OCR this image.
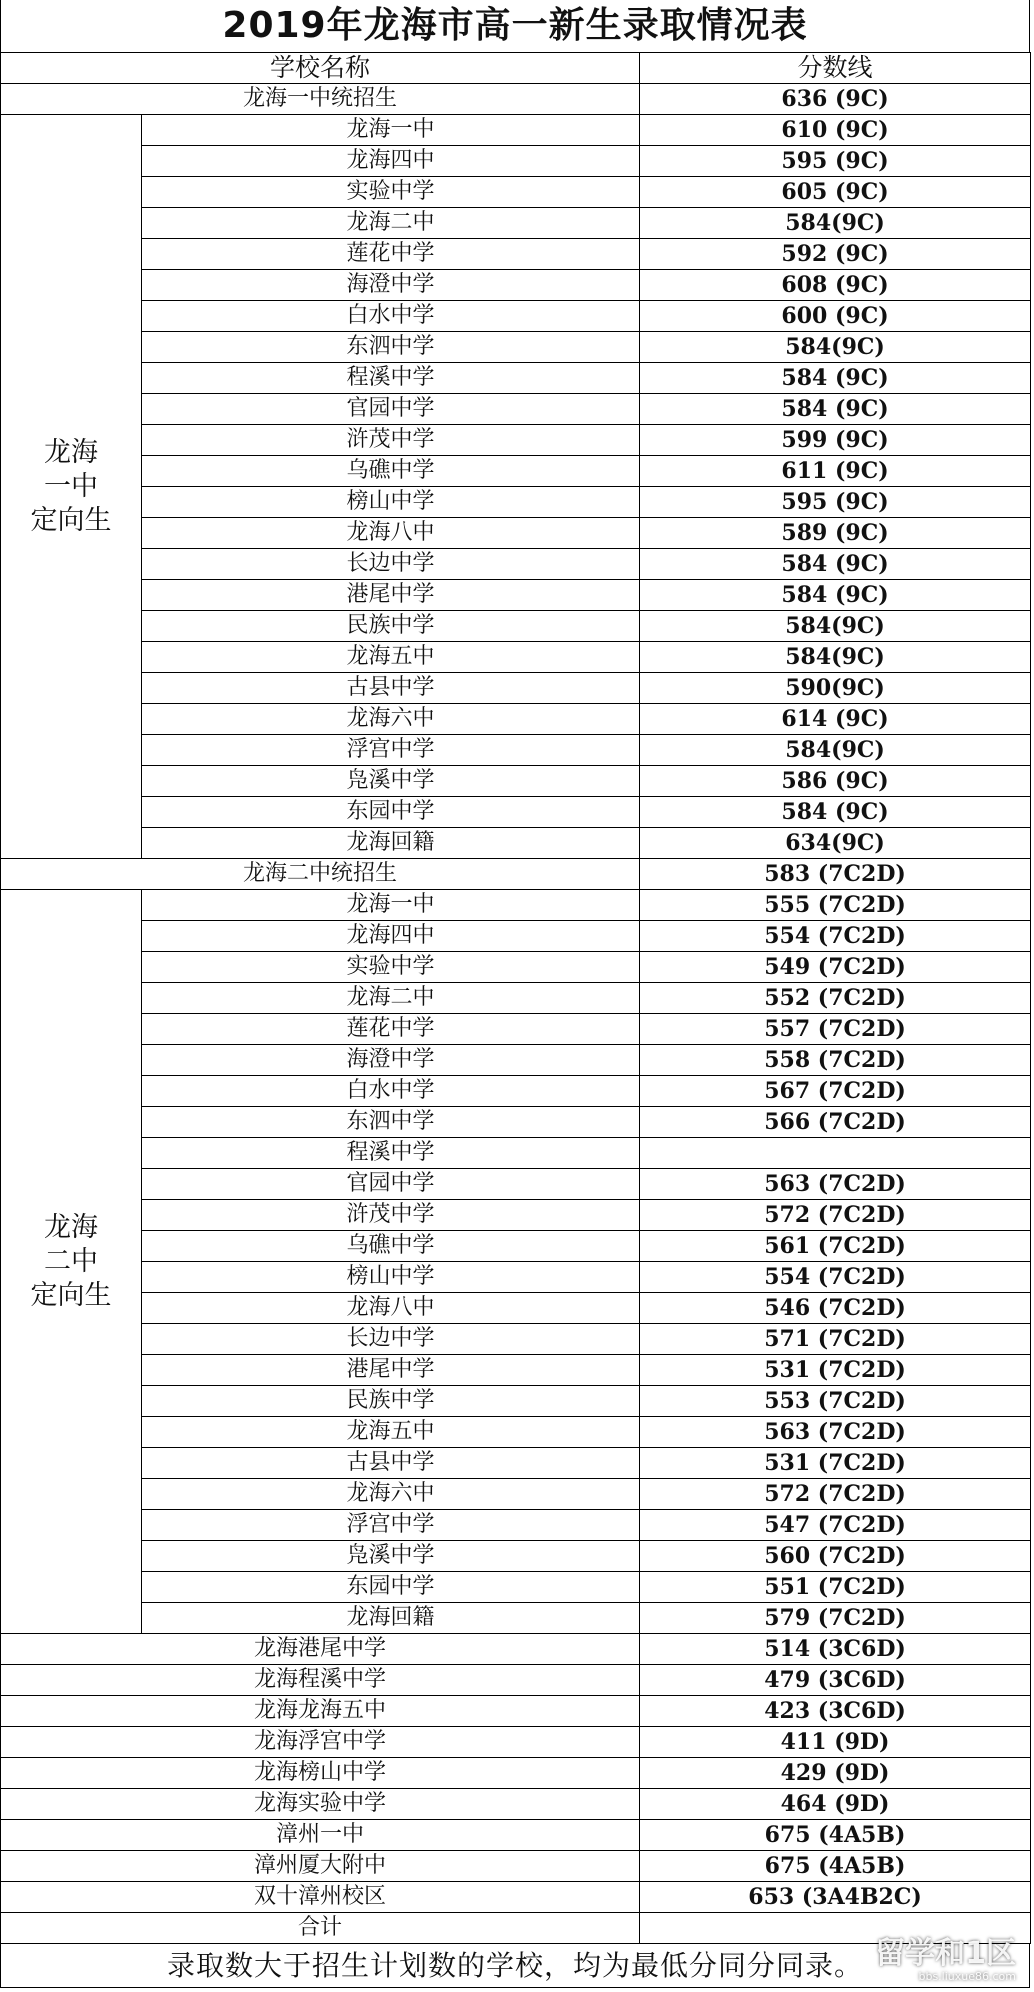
2019年龙海市高一新生录取情况表
学校名称		分数线
龙海一中统招生		636 (9C)

龙海
一中
定向生	龙海一中	610 (9C)
	龙海四中	595 (9C)
	实验中学	605 (9C)
	龙海二中	584(9C)
	莲花中学	592 (9C)
	海澄中学	608 (9C)
	白水中学	600 (9C)
	东泗中学	584(9C)
	程溪中学	584 (9C)
	官园中学	584 (9C)
	浒茂中学	599 (9C)
	乌礁中学	611 (9C)
	榜山中学	595 (9C)
	龙海八中	589 (9C)
	长边中学	584 (9C)
	港尾中学	584 (9C)
	民族中学	584(9C)
	龙海五中	584(9C)
	古县中学	590(9C)
	龙海六中	614 (9C)
	浮宫中学	584(9C)
	凫溪中学	586 (9C)
	东园中学	584 (9C)
	龙海回籍	634(9C)
龙海二中统招生		583 (7C2D)

龙海
二中
定向生	龙海一中	555 (7C2D)
	龙海四中	554 (7C2D)
	实验中学	549 (7C2D)
	龙海二中	552 (7C2D)
	莲花中学	557 (7C2D)
	海澄中学	558 (7C2D)
	白水中学	567 (7C2D)
	东泗中学	566 (7C2D)
	程溪中学	
	官园中学	563 (7C2D)
	浒茂中学	572 (7C2D)
	乌礁中学	561 (7C2D)
	榜山中学	554 (7C2D)
	龙海八中	546 (7C2D)
	长边中学	571 (7C2D)
	港尾中学	531 (7C2D)
	民族中学	553 (7C2D)
	龙海五中	563 (7C2D)
	古县中学	531 (7C2D)
	龙海六中	572 (7C2D)
	浮宫中学	547 (7C2D)
	凫溪中学	560 (7C2D)
	东园中学	551 (7C2D)
	龙海回籍	579 (7C2D)
龙海港尾中学		514 (3C6D)
龙海程溪中学		479 (3C6D)
龙海龙海五中		423 (3C6D)
龙海浮宫中学		411 (9D)
龙海榜山中学		429 (9D)
龙海实验中学		464 (9D)
漳州一中		675 (4A5B)
漳州厦大附中		675 (4A5B)
双十漳州校区		653 (3A4B2C)
合计		
录取数大于招生计划数的学校，均为最低分同分同录。 留学和1区
bbs.liuxue86.com
